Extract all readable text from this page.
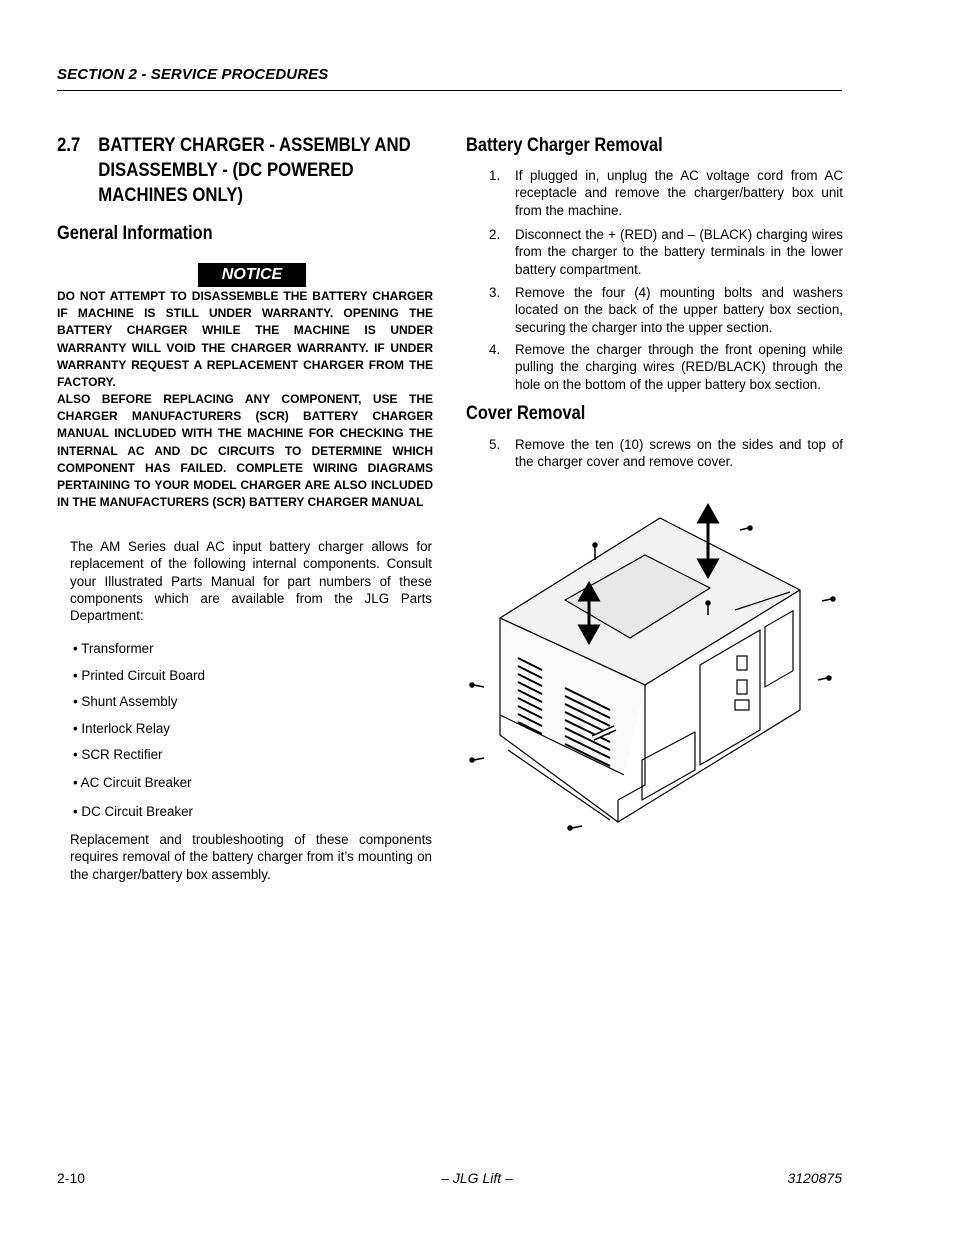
SECTION 2 - SERVICE PROCEDURES
2.7 BATTERY CHARGER - ASSEMBLY AND
DISASSEMBLY - (DC POWERED
MACHINES ONLY)
General Information
NOTICE
DO NOT ATTEMPT TO DISASSEMBLE THE BATTERY CHARGER IF MACHINE IS STILL UNDER WARRANTY. OPENING THE BATTERY CHARGER WHILE THE MACHINE IS UNDER WARRANTY WILL VOID THE CHARGER WARRANTY. IF UNDER WARRANTY REQUEST A REPLACEMENT CHARGER FROM THE FACTORY.
ALSO BEFORE REPLACING ANY COMPONENT, USE THE CHARGER MANUFACTURERS (SCR) BATTERY CHARGER MANUAL INCLUDED WITH THE MACHINE FOR CHECKING THE INTERNAL AC AND DC CIRCUITS TO DETERMINE WHICH COMPONENT HAS FAILED. COMPLETE WIRING DIAGRAMS PERTAINING TO YOUR MODEL CHARGER ARE ALSO INCLUDED IN THE MANUFACTURERS (SCR) BATTERY CHARGER MANUAL
The AM Series dual AC input battery charger allows for replacement of the following internal components. Consult your Illustrated Parts Manual for part numbers of these components which are available from the JLG Parts Department:
• Transformer
• Printed Circuit Board
• Shunt Assembly
• Interlock Relay
• SCR Rectifier
• AC Circuit Breaker
• DC Circuit Breaker
Replacement and troubleshooting of these components requires removal of the battery charger from it’s mounting on the charger/battery box assembly.
Battery Charger Removal
1. If plugged in, unplug the AC voltage cord from AC receptacle and remove the charger/battery box unit from the machine.
2. Disconnect the + (RED) and – (BLACK) charging wires from the charger to the battery terminals in the lower battery compartment.
3. Remove the four (4) mounting bolts and washers located on the back of the upper battery box section, securing the charger into the upper section.
4. Remove the charger through the front opening while pulling the charging wires (RED/BLACK) through the hole on the bottom of the upper battery box section.
Cover Removal
5. Remove the ten (10) screws on the sides and top of the charger cover and remove cover.
2-10	– JLG Lift –	3120875
